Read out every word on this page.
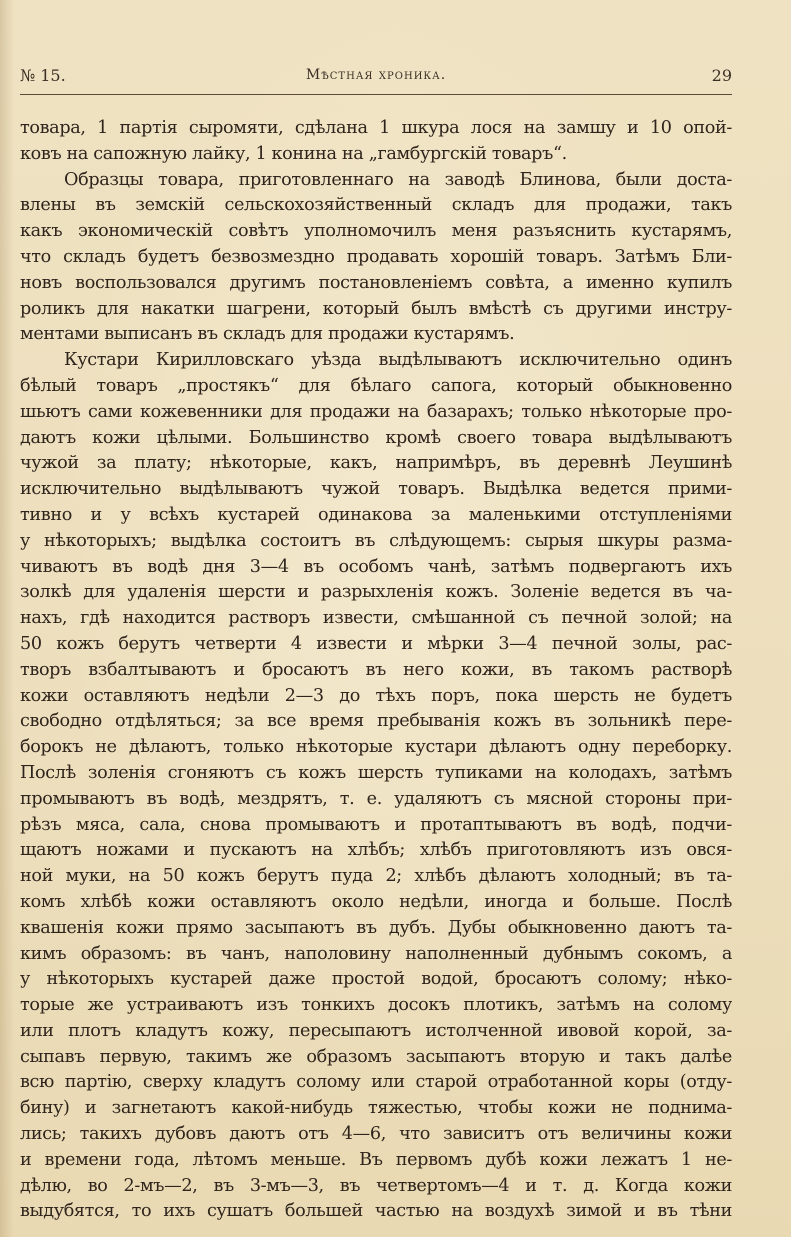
№ 15.	Мѣстная хроника.	29
товара, 1 партія сыромяти, сдѣлана 1 шкура лося на замшу и 10 опой-
ковъ на сапожную лайку, 1 конина на „гамбургскій товаръ“.
Образцы товара, приготовленнаго на заводѣ Блинова, были доста-
влены въ земскій сельскохозяйственный складъ для продажи, такъ
какъ экономическій совѣтъ уполномочилъ меня разъяснить кустарямъ,
что складъ будетъ безвозмездно продавать хорошій товаръ. Затѣмъ Бли-
новъ воспользовался другимъ постановленіемъ совѣта, а именно купилъ
роликъ для накатки шагрени, который былъ вмѣстѣ съ другими инстру-
ментами выписанъ въ складъ для продажи кустарямъ.
Кустари Кирилловскаго уѣзда выдѣлываютъ исключительно одинъ
бѣлый товаръ „простякъ“ для бѣлаго сапога, который обыкновенно
шьютъ сами кожевенники для продажи на базарахъ; только нѣкоторые про-
даютъ кожи цѣлыми. Большинство кромѣ своего товара выдѣлываютъ
чужой за плату; нѣкоторые, какъ, напримѣръ, въ деревнѣ Леушинѣ
исключительно выдѣлываютъ чужой товаръ. Выдѣлка ведется прими-
тивно и у всѣхъ кустарей одинакова за маленькими отступленіями
у нѣкоторыхъ; выдѣлка состоитъ въ слѣдующемъ: сырыя шкуры разма-
чиваютъ въ водѣ дня 3—4 въ особомъ чанѣ, затѣмъ подвергаютъ ихъ
золкѣ для удаленія шерсти и разрыхленія кожъ. Золеніе ведется въ ча-
нахъ, гдѣ находится растворъ извести, смѣшанной съ печной золой; на
50 кожъ берутъ четверти 4 извести и мѣрки 3—4 печной золы, рас-
творъ взбалтываютъ и бросаютъ въ него кожи, въ такомъ растворѣ
кожи оставляютъ недѣли 2—3 до тѣхъ поръ, пока шерсть не будетъ
свободно отдѣляться; за все время пребыванія кожъ въ зольникѣ пере-
борокъ не дѣлаютъ, только нѣкоторые кустари дѣлаютъ одну переборку.
Послѣ золенія сгоняютъ съ кожъ шерсть тупиками на колодахъ, затѣмъ
промываютъ въ водѣ, мездрятъ, т. е. удаляютъ съ мясной стороны при-
рѣзъ мяса, сала, снова промываютъ и протаптываютъ въ водѣ, подчи-
щаютъ ножами и пускаютъ на хлѣбъ; хлѣбъ приготовляютъ изъ овся-
ной муки, на 50 кожъ берутъ пуда 2; хлѣбъ дѣлаютъ холодный; въ та-
комъ хлѣбѣ кожи оставляютъ около недѣли, иногда и больше. Послѣ
квашенія кожи прямо засыпаютъ въ дубъ. Дубы обыкновенно даютъ та-
кимъ образомъ: въ чанъ, наполовину наполненный дубнымъ сокомъ, а
у нѣкоторыхъ кустарей даже простой водой, бросаютъ солому; нѣко-
торые же устраиваютъ изъ тонкихъ досокъ плотикъ, затѣмъ на солому
или плотъ кладутъ кожу, пересыпаютъ истолченной ивовой корой, за-
сыпавъ первую, такимъ же образомъ засыпаютъ вторую и такъ далѣе
всю партію, сверху кладутъ солому или старой отработанной коры (отду-
бину) и загнетаютъ какой-нибудь тяжестью, чтобы кожи не поднима-
лись; такихъ дубовъ даютъ отъ 4—6, что зависитъ отъ величины кожи
и времени года, лѣтомъ меньше. Въ первомъ дубѣ кожи лежатъ 1 не-
дѣлю, во 2-мъ—2, въ 3-мъ—3, въ четвертомъ—4 и т. д. Когда кожи
выдубятся, то ихъ сушатъ большей частью на воздухѣ зимой и въ тѣни
